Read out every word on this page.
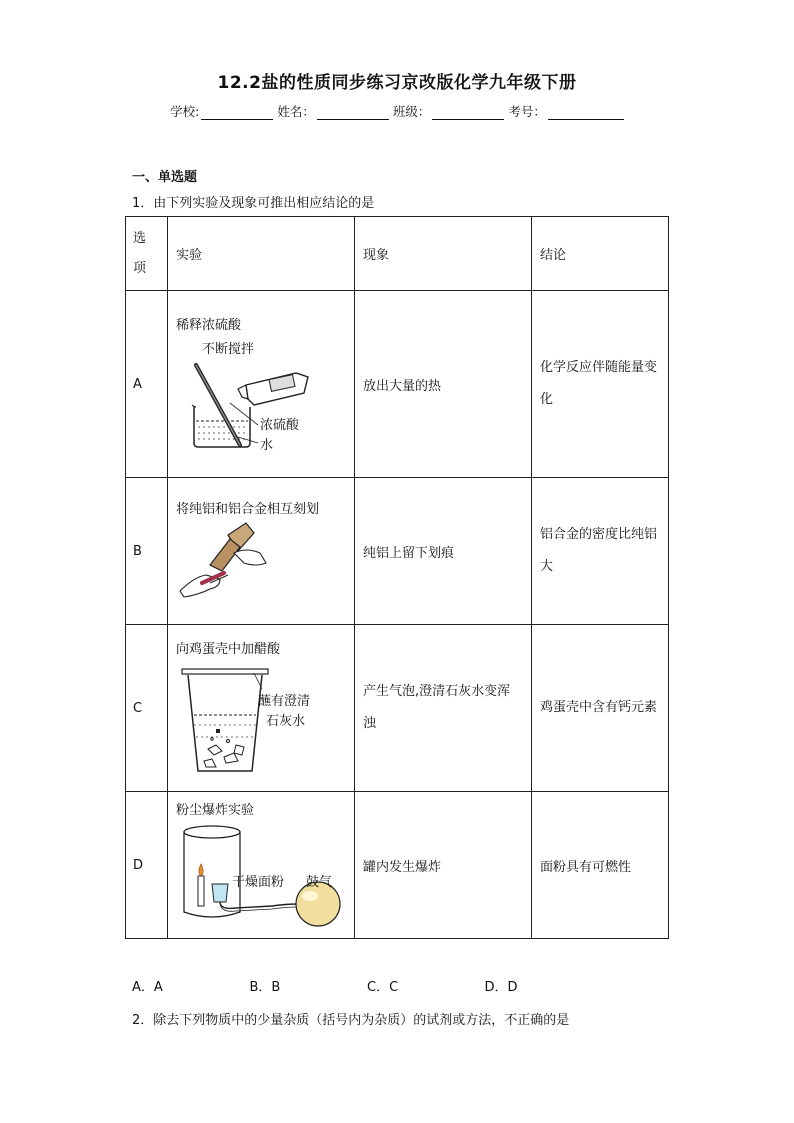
12.2盐的性质同步练习京改版化学九年级下册
学校:	姓名：	班级：	考号：
一、单选题
1．由下列实验及现象可推出相应结论的是
选项	实验	现象	结论
A	稀释浓硫酸
不断搅拌
浓硫酸
水	放出大量的热	化学反应伴随能量变化
B	将纯铝和铝合金相互刻划	纯铝上留下划痕	铝合金的密度比纯铝大
C	向鸡蛋壳中加醋酸
蘸有澄清
石灰水	产生气泡,澄清石灰水变浑浊	鸡蛋壳中含有钙元素
D	粉尘爆炸实验
干燥面粉 鼓气	罐内发生爆炸	面粉具有可燃性
A．A	B．B	C．C	D．D
2．除去下列物质中的少量杂质（括号内为杂质）的试剂或方法，不正确的是
